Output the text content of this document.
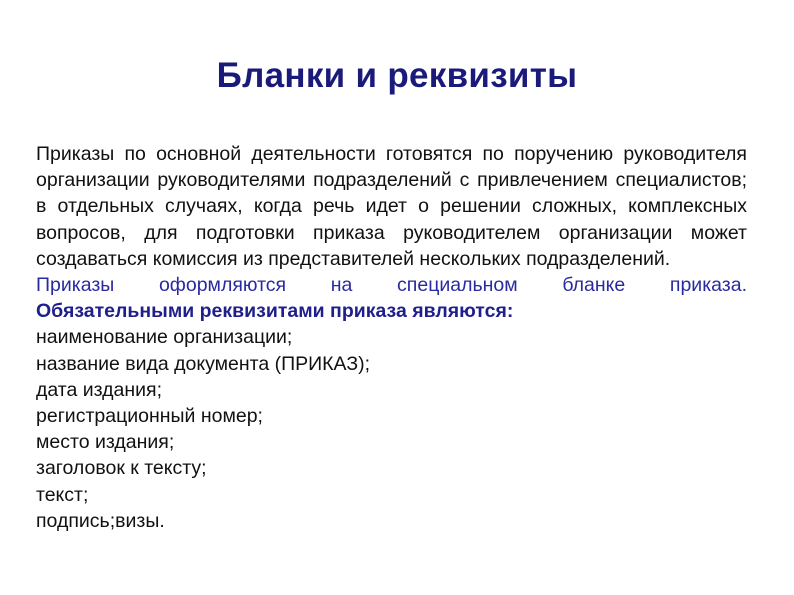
Бланки и реквизиты

Приказы по основной деятельности готовятся по поручению руководителя организации руководителями подразделений с привлечением специалистов; в отдельных случаях, когда речь идет о решении сложных, комплексных вопросов, для подготовки приказа руководителем организации может создаваться комиссия из представителей нескольких подразделений.

Приказы оформляются на специальном бланке приказа.

Обязательными реквизитами приказа являются:

наименование организации;
название вида документа (ПРИКАЗ);
дата издания;
регистрационный номер;
место издания;
заголовок к тексту;
текст;
подпись;визы.
